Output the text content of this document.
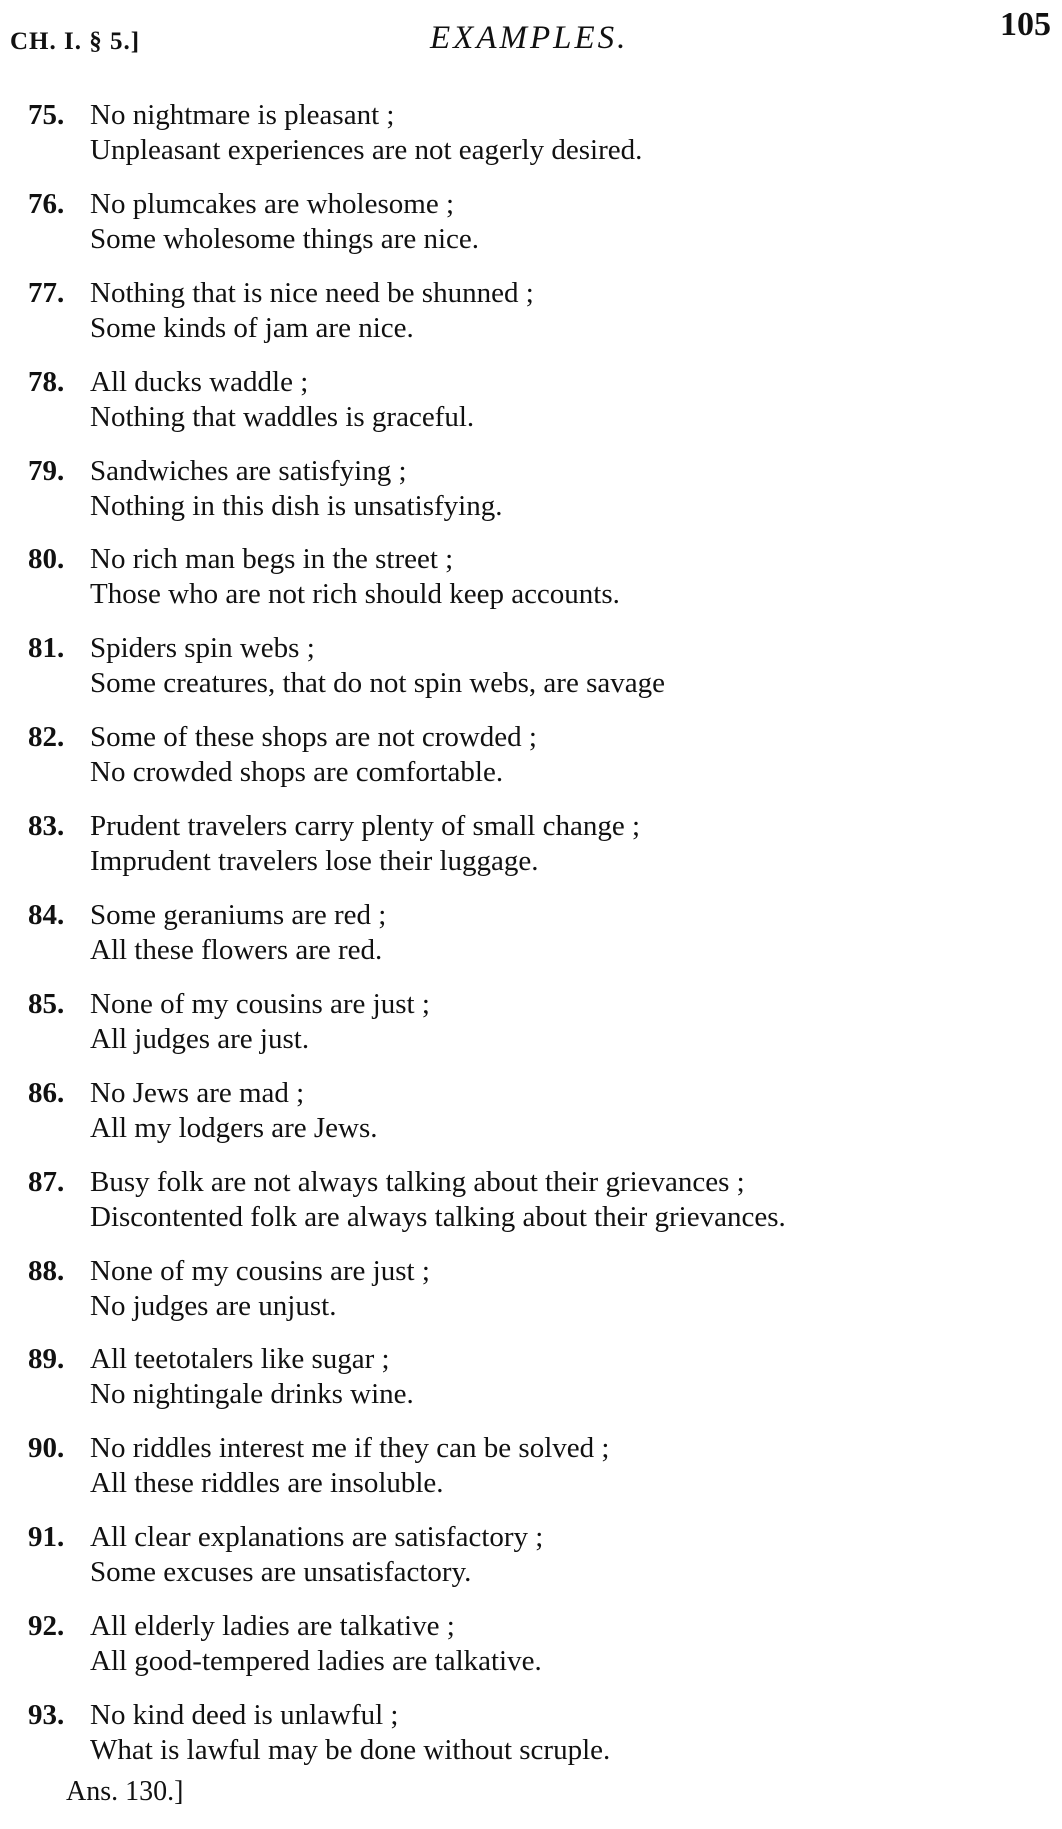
CH. I. § 5.]	EXAMPLES.	105
75. No nightmare is pleasant ;
Unpleasant experiences are not eagerly desired.
76. No plumcakes are wholesome ;
Some wholesome things are nice.
77. Nothing that is nice need be shunned ;
Some kinds of jam are nice.
78. All ducks waddle ;
Nothing that waddles is graceful.
79. Sandwiches are satisfying ;
Nothing in this dish is unsatisfying.
80. No rich man begs in the street ;
Those who are not rich should keep accounts.
81. Spiders spin webs ;
Some creatures, that do not spin webs, are savage
82. Some of these shops are not crowded ;
No crowded shops are comfortable.
83. Prudent travelers carry plenty of small change ;
Imprudent travelers lose their luggage.
84. Some geraniums are red ;
All these flowers are red.
85. None of my cousins are just ;
All judges are just.
86. No Jews are mad ;
All my lodgers are Jews.
87. Busy folk are not always talking about their grievances ;
Discontented folk are always talking about their grievances.
88. None of my cousins are just ;
No judges are unjust.
89. All teetotalers like sugar ;
No nightingale drinks wine.
90. No riddles interest me if they can be solved ;
All these riddles are insoluble.
91. All clear explanations are satisfactory ;
Some excuses are unsatisfactory.
92. All elderly ladies are talkative ;
All good-tempered ladies are talkative.
93. No kind deed is unlawful ;
What is lawful may be done without scruple.
Ans. 130.]
